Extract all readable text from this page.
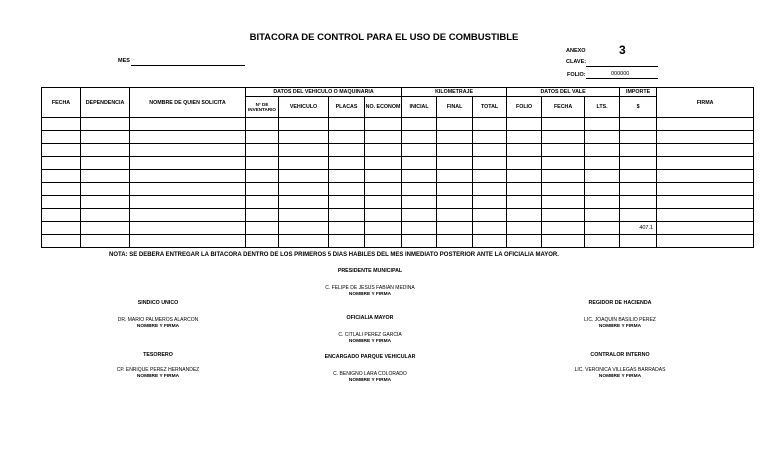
BITACORA DE CONTROL PARA EL USO DE COMBUSTIBLE
ANEXO	3
MES	CLAVE:
FOLIO:	000000
FECHA	DEPENDENCIA	NOMBRE DE QUIEN SOLICITA	DATOS DEL VEHICULO O MAQUINARIA				KILOMETRAJE			DATOS DEL VALE			IMPORTE	FIRMA
			N° DE INVENTARIO	VEHICULO	PLACAS	NO. ECONOM	INICIAL	FINAL	TOTAL	FOLIO	FECHA	LTS.	$	

													407.1	

NOTA: SE DEBERA ENTREGAR LA BITACORA DENTRO DE LOS PRIMEROS 5 DIAS HABILES DEL MES INMEDIATO POSTERIOR ANTE LA OFICIALIA MAYOR.
PRESIDENTE MUNICIPAL
C. FELIPE DE JESUS FABIAN MEDINA
NOMBRE Y FIRMA
SINDICO UNICO
DR. MARIO PALMEROS ALARCON
NOMBRE Y FIRMA
OFICIALIA MAYOR
C. CITLALI PEREZ GARCIA
NOMBRE Y FIRMA
REGIDOR DE HACIENDA
LIC. JOAQUIN BASILIO PEREZ
NOMBRE Y FIRMA
TESORERO
CP. ENRIQUE PEREZ HERNANDEZ
NOMBRE Y FIRMA
ENCARGADO PARQUE VEHICULAR
C. BENIGNO LARA COLORADO
NOMBRE Y FIRMA
CONTRALOR INTERNO
LIC. VERONICA VILLEGAS BARRADAS
NOMBRE Y FIRMA
